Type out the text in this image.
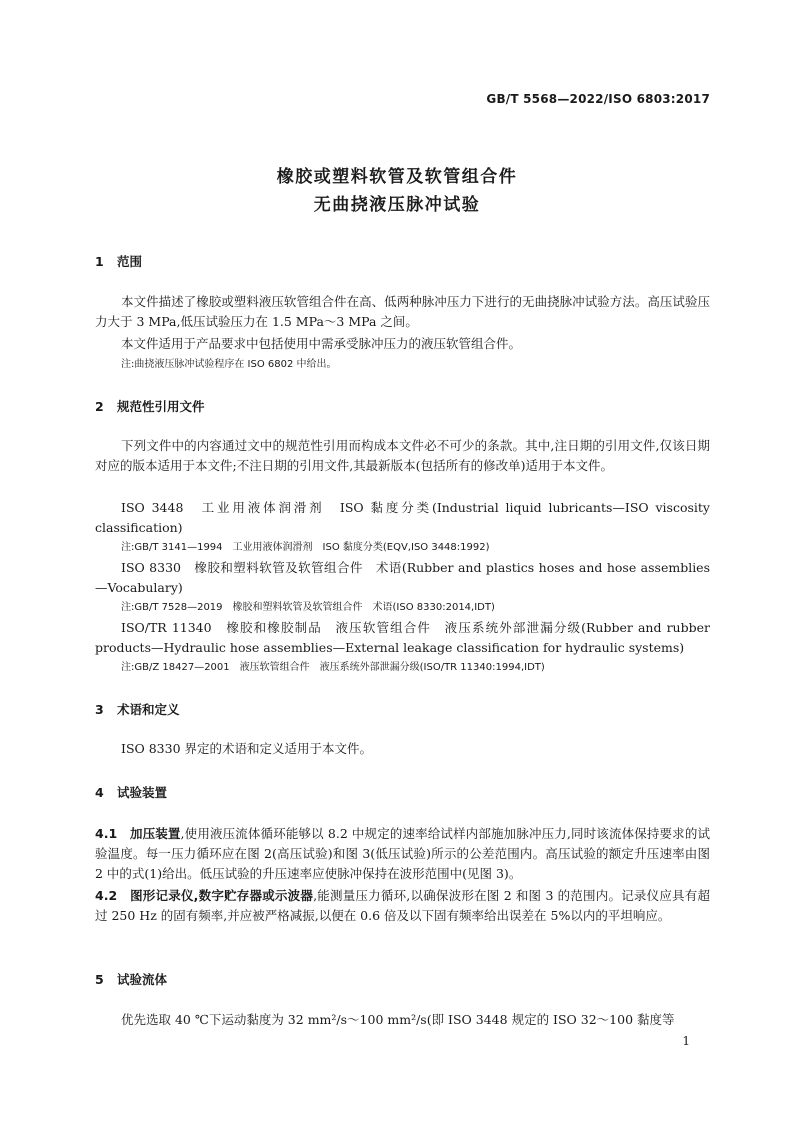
GB/T 5568—2022/ISO 6803:2017
橡胶或塑料软管及软管组合件
无曲挠液压脉冲试验
1 范围
本文件描述了橡胶或塑料液压软管组合件在高、低两种脉冲压力下进行的无曲挠脉冲试验方法。高压试验压力大于 3 MPa,低压试验压力在 1.5 MPa～3 MPa 之间。
本文件适用于产品要求中包括使用中需承受脉冲压力的液压软管组合件。
注:曲挠液压脉冲试验程序在 ISO 6802 中给出。
2 规范性引用文件
下列文件中的内容通过文中的规范性引用而构成本文件必不可少的条款。其中,注日期的引用文件,仅该日期对应的版本适用于本文件;不注日期的引用文件,其最新版本(包括所有的修改单)适用于本文件。
ISO 3448　工业用液体润滑剂　ISO 黏度分类(Industrial liquid lubricants—ISO viscosity classification)
注:GB/T 3141—1994　工业用液体润滑剂　ISO 黏度分类(EQV,ISO 3448:1992)
ISO 8330　橡胶和塑料软管及软管组合件　术语(Rubber and plastics hoses and hose assemblies—Vocabulary)
注:GB/T 7528—2019　橡胶和塑料软管及软管组合件　术语(ISO 8330:2014,IDT)
ISO/TR 11340　橡胶和橡胶制品　液压软管组合件　液压系统外部泄漏分级(Rubber and rubber products—Hydraulic hose assemblies—External leakage classification for hydraulic systems)
注:GB/Z 18427—2001　液压软管组合件　液压系统外部泄漏分级(ISO/TR 11340:1994,IDT)
3 术语和定义
ISO 8330 界定的术语和定义适用于本文件。
4 试验装置
4.1　 加压装置,使用液压流体循环能够以 8.2 中规定的速率给试样内部施加脉冲压力,同时该流体保持要求的试验温度。每一压力循环应在图 2(高压试验)和图 3(低压试验)所示的公差范围内。高压试验的额定升压速率由图 2 中的式(1)给出。低压试验的升压速率应使脉冲保持在波形范围中(见图 3)。
4.2　 图形记录仪,数字贮存器或示波器,能测量压力循环,以确保波形在图 2 和图 3 的范围内。记录仪应具有超过 250 Hz 的固有频率,并应被严格减振,以便在 0.6 倍及以下固有频率给出误差在 5%以内的平坦响应。
5 试验流体
优先选取 40 ℃下运动黏度为 32 mm²/s～100 mm²/s(即 ISO 3448 规定的 ISO 32～100 黏度等
1
